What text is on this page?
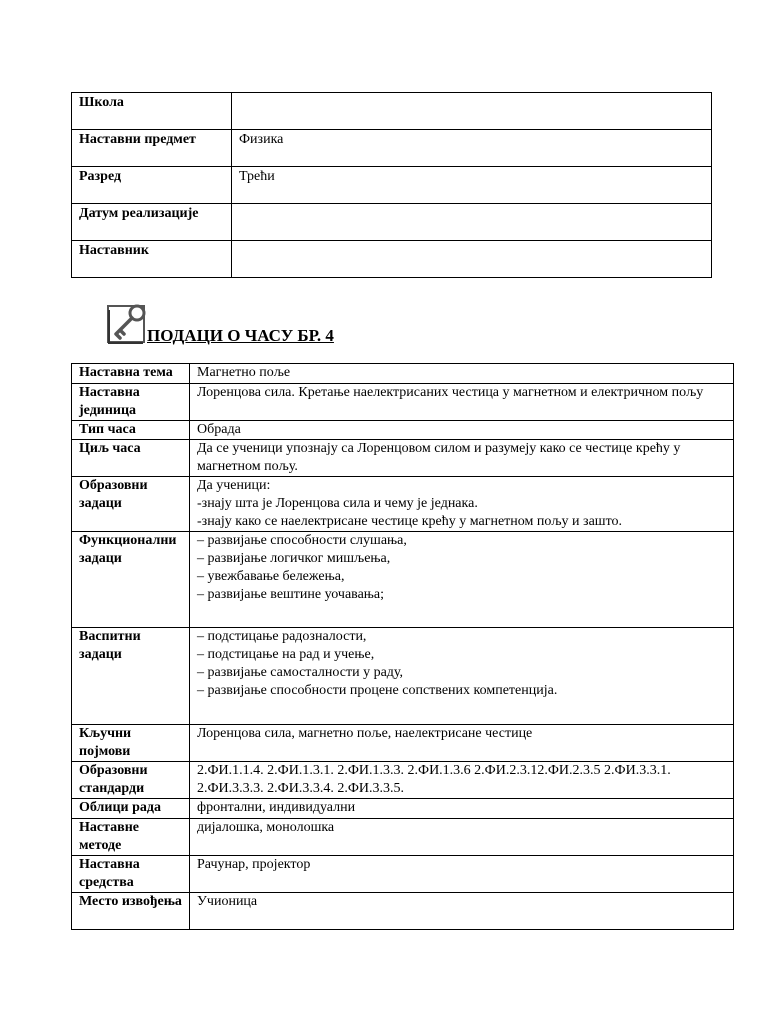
Школа	
Наставни предмет	Физика
Разред	Трећи
Датум реализације	
Наставник	
ПОДАЦИ О ЧАСУ БР. 4
Наставна тема	Магнетно поље

Наставна јединица	Лоренцова сила. Кретање наелектрисаних честица у магнетном и електричном пољу

Тип часа	Обрада

Циљ часа	Да се ученици упознају са Лоренцовом силом и разумеју како се честице крећу у магнетном пољу.

Образовни задаци	Да ученици:
-знају шта је Лоренцова сила и чему је једнака.
-знају како се наелектрисане честице крећу у магнетном пољу и зашто.

Функционални задаци	– развијање способности слушања,
– развијање логичког мишљења,
– увежбавање бележења,
– развијање вештине уочавања;

Васпитни задаци	– подстицање радозналости,
– подстицање на рад и учење,
– развијање самосталности у раду,
– развијање способности процене сопствених компетенција.

Кључни појмови	Лоренцова сила, магнетно поље, наелектрисане честице

Образовни стандарди	2.ФИ.1.1.4. 2.ФИ.1.3.1. 2.ФИ.1.3.3. 2.ФИ.1.3.6 2.ФИ.2.3.12.ФИ.2.3.5 2.ФИ.3.3.1. 2.ФИ.3.3.3. 2.ФИ.3.3.4. 2.ФИ.3.3.5.

Облици рада	фронтални, индивидуални

Наставне методе	дијалошка, монолошка

Наставна средства	Рачунар, пројектор

Место извођења	Учионица
